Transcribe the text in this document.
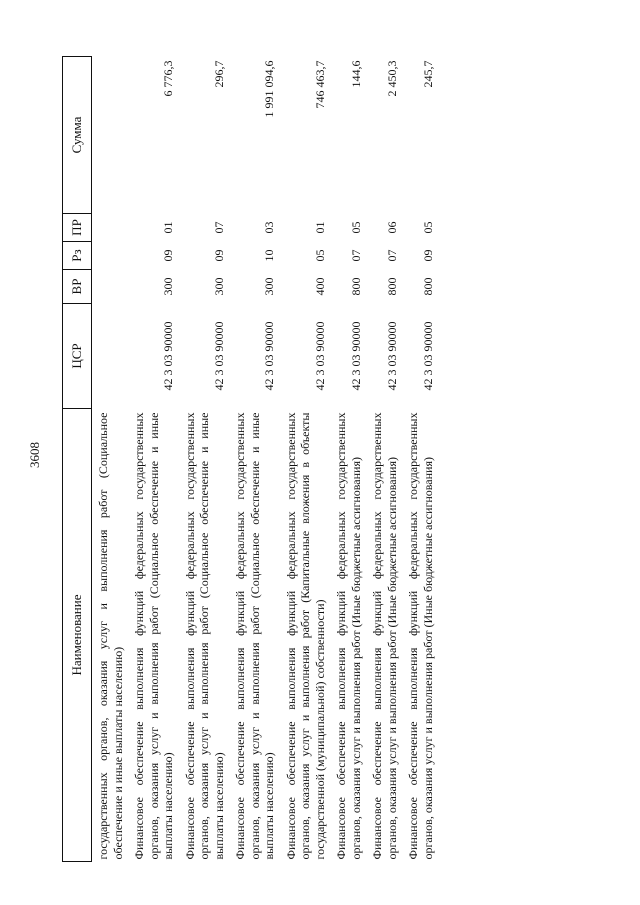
3608
Наименование	ЦСР	ВР	Рз	ПР	Сумма
государственных органов, оказания услуг и выполнения работ (Социальное обеспечение и иные выплаты населению)					
Финансовое обеспечение выполнения функций федеральных государственных органов, оказания услуг и выполнения работ (Социальное обеспечение и иные выплаты населению)	42 3 03 90000	300	09	01	6 776,3
Финансовое обеспечение выполнения функций федеральных государственных органов, оказания услуг и выполнения работ (Социальное обеспечение и иные выплаты населению)	42 3 03 90000	300	09	07	296,7
Финансовое обеспечение выполнения функций федеральных государственных органов, оказания услуг и выполнения работ (Социальное обеспечение и иные выплаты населению)	42 3 03 90000	300	10	03	1 991 094,6
Финансовое обеспечение выполнения функций федеральных государственных органов, оказания услуг и выполнения работ (Капитальные вложения в объекты государственной (муниципальной) собственности)	42 3 03 90000	400	05	01	746 463,7
Финансовое обеспечение выполнения функций федеральных государственных органов, оказания услуг и выполнения работ (Иные бюджетные ассигнования)	42 3 03 90000	800	07	05	144,6
Финансовое обеспечение выполнения функций федеральных государственных органов, оказания услуг и выполнения работ (Иные бюджетные ассигнования)	42 3 03 90000	800	07	06	2 450,3
Финансовое обеспечение выполнения функций федеральных государственных органов, оказания услуг и выполнения работ (Иные бюджетные ассигнования)	42 3 03 90000	800	09	05	245,7
